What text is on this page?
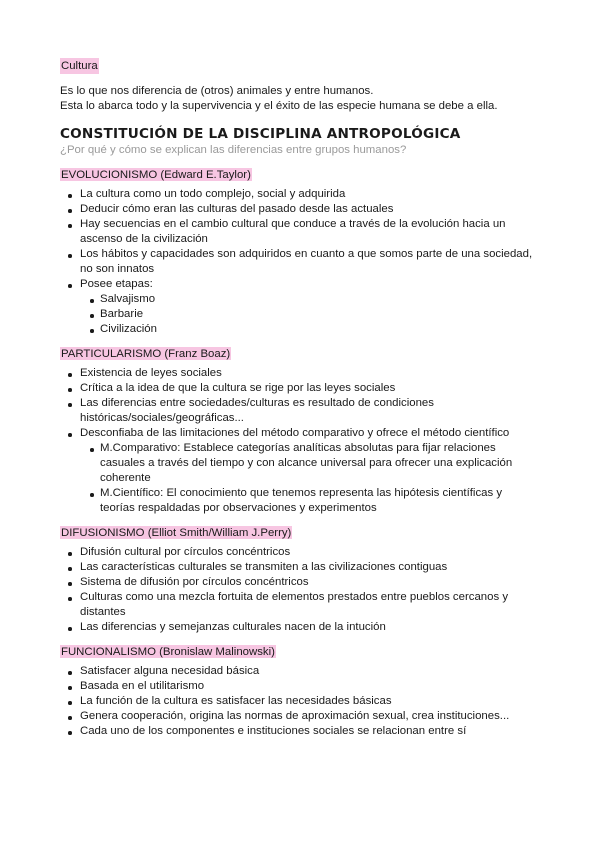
Cultura

Es lo que nos diferencia de (otros) animales y entre humanos.

Esta lo abarca todo y la supervivencia y el éxito de las especie humana se debe a ella.

CONSTITUCIÓN DE LA DISCIPLINA ANTROPOLÓGICA

¿Por qué y cómo se explican las diferencias entre grupos humanos?

EVOLUCIONISMO (Edward E.Taylor)
La cultura como un todo complejo, social y adquirida
Deducir cómo eran las culturas del pasado desde las actuales
Hay secuencias en el cambio cultural que conduce a través de la evolución hacia un ascenso de la civilización
Los hábitos y capacidades son adquiridos en cuanto a que somos parte de una sociedad, no son innatos
Posee etapas:
Salvajismo
Barbarie
Civilización
PARTICULARISMO (Franz Boaz)
Existencia de leyes sociales
Crítica a la idea de que la cultura se rige por las leyes sociales
Las diferencias entre sociedades/culturas es resultado de condiciones históricas/sociales/geográficas...
Desconfiaba de las limitaciones del método comparativo y ofrece el método científico
M.Comparativo: Establece categorías analíticas absolutas para fijar relaciones casuales a través del tiempo y con alcance universal para ofrecer una explicación coherente
M.Científico: El conocimiento que tenemos representa las hipótesis científicas y teorías respaldadas por observaciones y experimentos
DIFUSIONISMO (Elliot Smith/William J.Perry)
Difusión cultural por círculos concéntricos
Las características culturales se transmiten a las civilizaciones contiguas
Sistema de difusión por círculos concéntricos
Culturas como una mezcla fortuita de elementos prestados entre pueblos cercanos y distantes
Las diferencias y semejanzas culturales nacen de la intución
FUNCIONALISMO (Bronislaw Malinowski)
Satisfacer alguna necesidad básica
Basada en el utilitarismo
La función de la cultura es satisfacer las necesidades básicas
Genera cooperación, origina las normas de aproximación sexual, crea instituciones...
Cada uno de los componentes e instituciones sociales se relacionan entre sí
